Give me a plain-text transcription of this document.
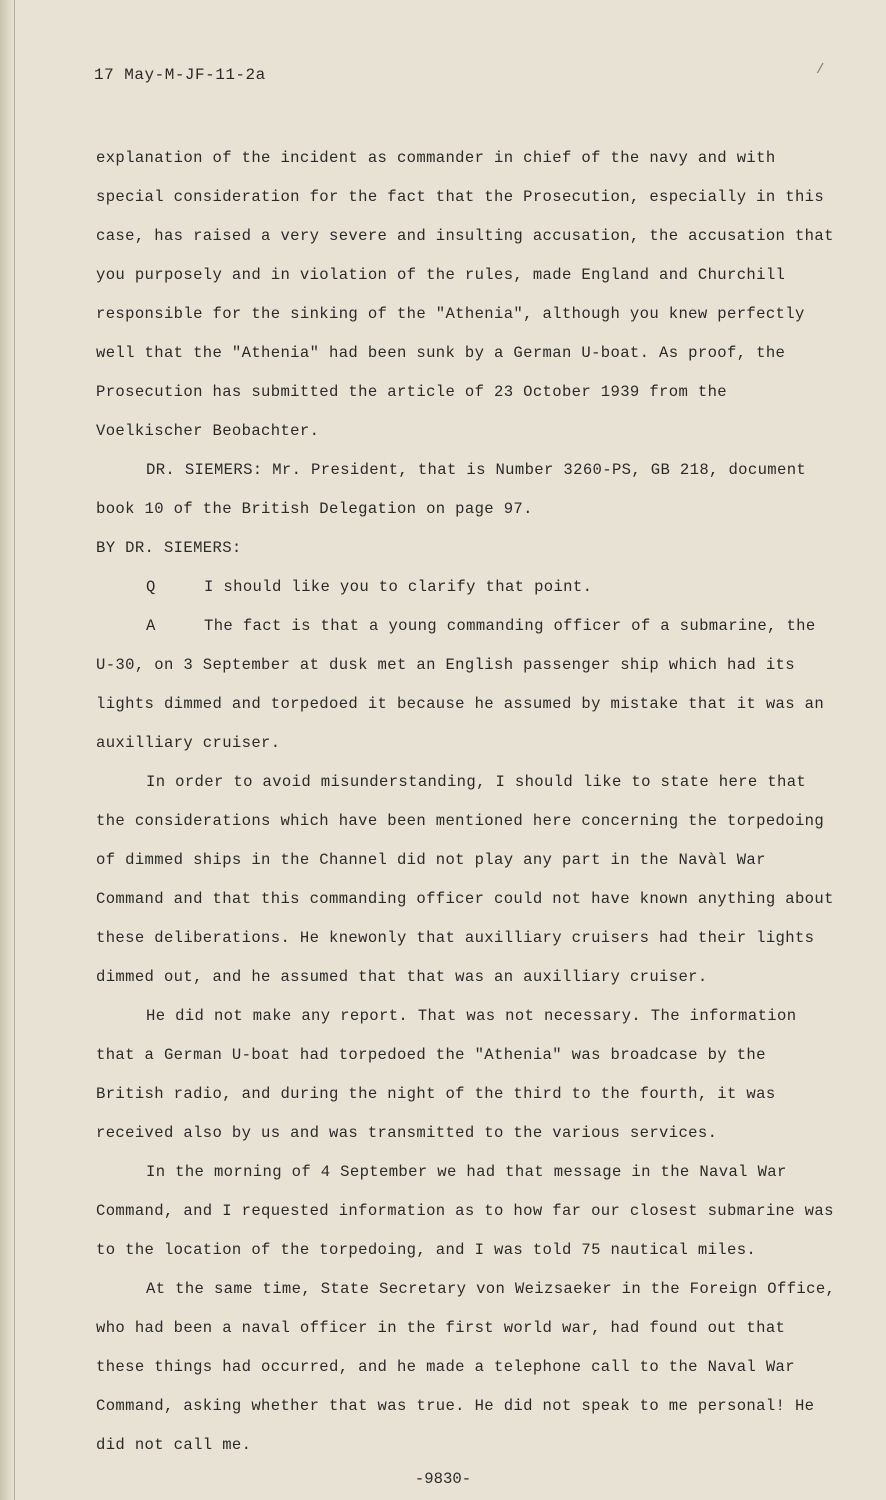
17 May-M-JF-11-2a	/

explanation of the incident as commander in chief of the navy and with special consideration for the fact that the Prosecution, especially in this case, has raised a very severe and insulting accusation, the accusation that you purposely and in violation of the rules, made England and Churchill responsible for the sinking of the "Athenia", although you knew perfectly well that the "Athenia" had been sunk by a German U-boat. As proof, the Prosecution has submitted the article of 23 October 1939 from the Voelkischer Beobachter.

DR. SIEMERS: Mr. President, that is Number 3260-PS, GB 218, document book 10 of the British Delegation on page 97.

BY DR. SIEMERS:

Q	I should like you to clarify that point.
A	The fact is that a young commanding officer of a submarine, the

U-30, on 3 September at dusk met an English passenger ship which had its lights dimmed and torpedoed it because he assumed by mistake that it was an auxilliary cruiser.

In order to avoid misunderstanding, I should like to state here that the considerations which have been mentioned here concerning the torpedoing of dimmed ships in the Channel did not play any part in the Navàl War Command and that this commanding officer could not have known anything about these deliberations. He knewonly that auxilliary cruisers had their lights dimmed out, and he assumed that that was an auxilliary cruiser.

He did not make any report. That was not necessary. The information that a German U-boat had torpedoed the "Athenia" was broadcase by the British radio, and during the night of the third to the fourth, it was received also by us and was transmitted to the various services.

In the morning of 4 September we had that message in the Naval War Command, and I requested information as to how far our closest submarine was to the location of the torpedoing, and I was told 75 nautical miles.

At the same time, State Secretary von Weizsaeker in the Foreign Office, who had been a naval officer in the first world war, had found out that these things had occurred, and he made a telephone call to the Naval War Command, asking whether that was true. He did not speak to me personal! He did not call me.

-9830-
